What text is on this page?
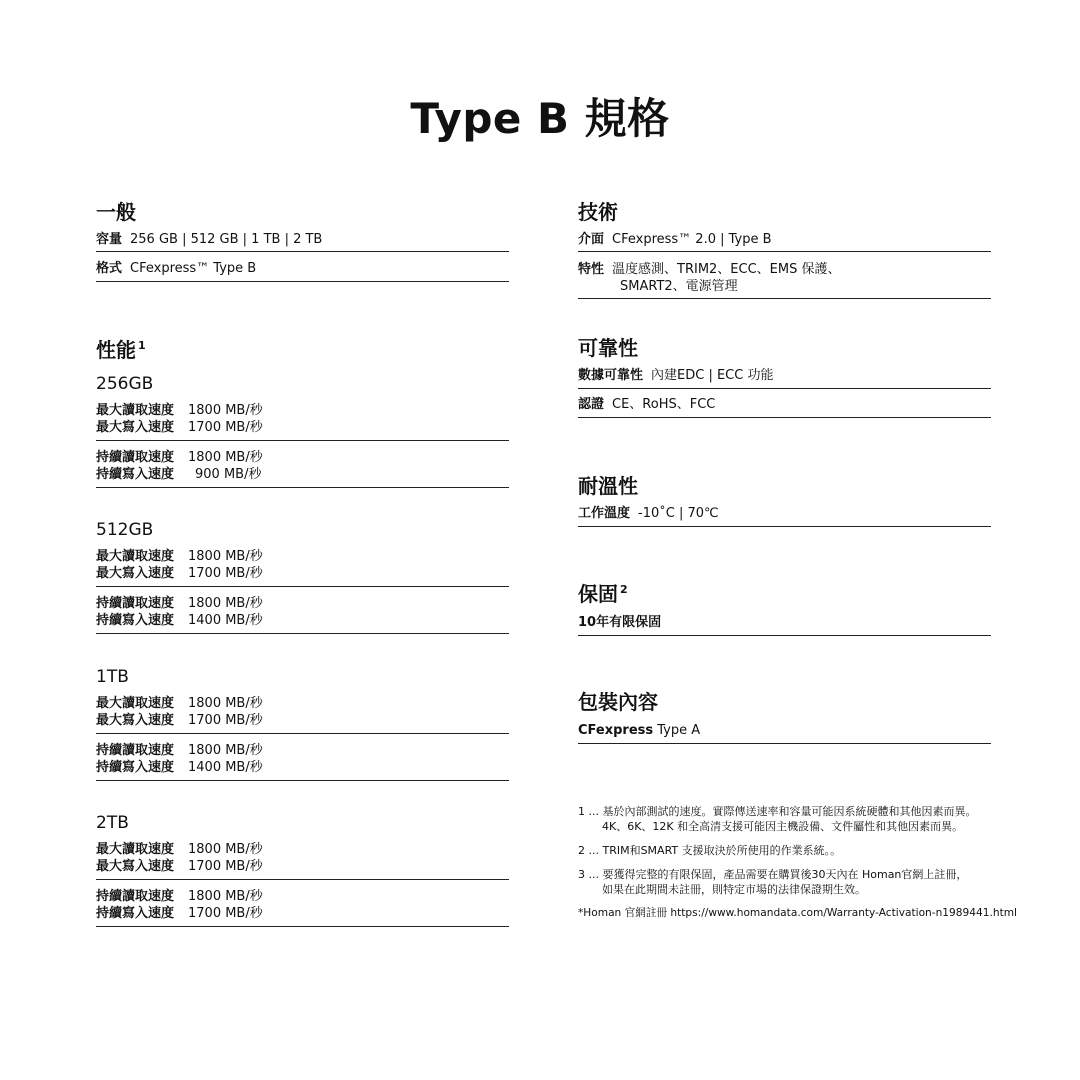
Type B 規格
一般
容量 256 GB | 512 GB | 1 TB | 2 TB
格式 CFexpress™ Type B
性能 $^1$
256GB
最大讀取速度	1800 MB/秒
最大寫入速度	1700 MB/秒
持續讀取速度	1800 MB/秒
持續寫入速度	900 MB/秒
512GB
最大讀取速度	1800 MB/秒
最大寫入速度	1700 MB/秒
持續讀取速度	1800 MB/秒
持續寫入速度	1400 MB/秒
1TB
最大讀取速度	1800 MB/秒
最大寫入速度	1700 MB/秒
持續讀取速度	1800 MB/秒
持續寫入速度	1400 MB/秒
2TB
最大讀取速度	1800 MB/秒
最大寫入速度	1700 MB/秒
持續讀取速度	1800 MB/秒
持續寫入速度	1700 MB/秒
技術
介面 CFexpress™ 2.0 | Type B
特性 溫度感測、TRIM2、ECC、EMS 保護、
SMART2、電源管理
可靠性
數據可靠性 內建EDC | ECC 功能
認證 CE、RoHS、FCC
耐溫性
工作溫度 -10˚C | 70℃
保固 $^2$
10年有限保固
包裝內容
CFexpress Type A
1 ... 基於內部測試的速度。實際傳送速率和容量可能因系統硬體和其他因素而異。
4K、6K、12K 和全高清支援可能因主機設備、文件屬性和其他因素而異。
2 ... TRIM和SMART 支援取決於所使用的作業系統。。
3 ... 要獲得完整的有限保固，產品需要在購買後30天內在 Homan官網上註冊，
如果在此期間未註冊，則特定市場的法律保證期生效。
*Homan 官網註冊 https://www.homandata.com/Warranty-Activation-n1989441.html
